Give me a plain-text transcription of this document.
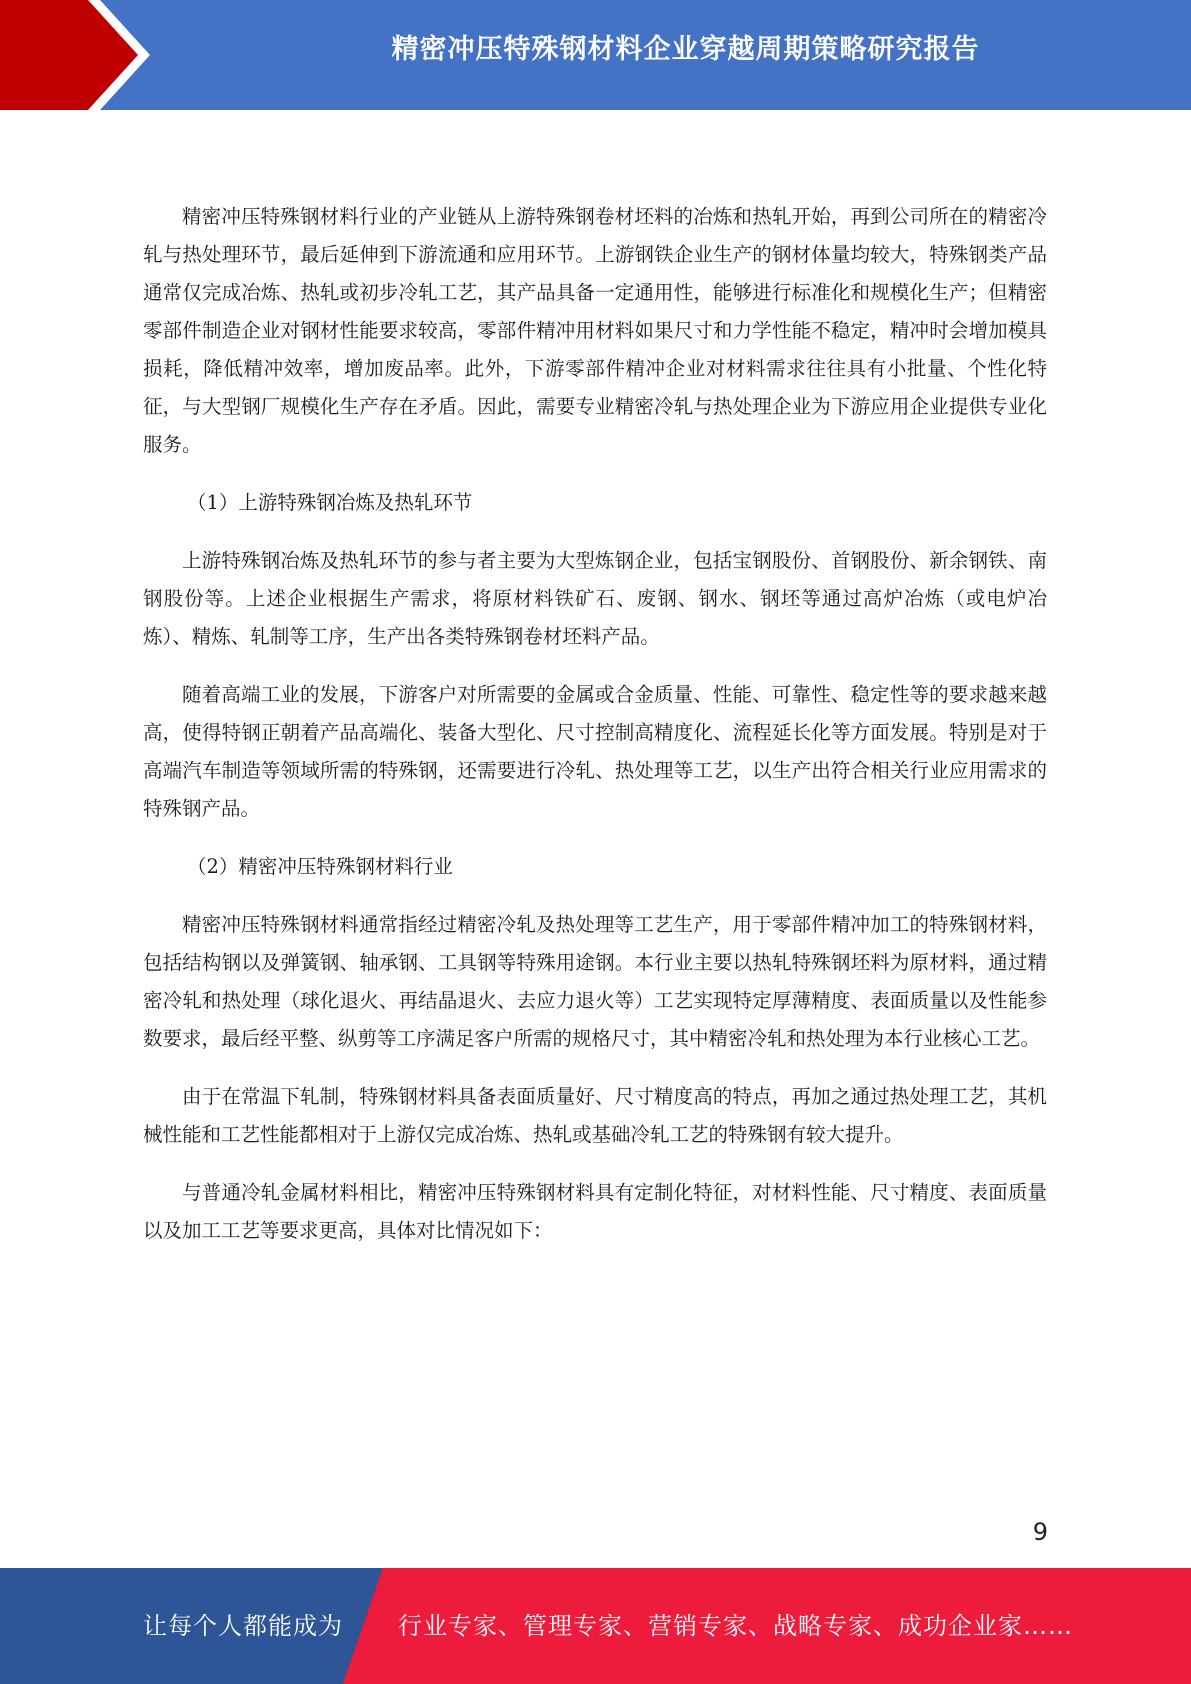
精密冲压特殊钢材料企业穿越周期策略研究报告

精密冲压特殊钢材料行业的产业链从上游特殊钢卷材坯料的冶炼和热轧开始，再到公司所在的精密冷轧与热处理环节，最后延伸到下游流通和应用环节。上游钢铁企业生产的钢材体量均较大，特殊钢类产品通常仅完成冶炼、热轧或初步冷轧工艺，其产品具备一定通用性，能够进行标准化和规模化生产；但精密零部件制造企业对钢材性能要求较高，零部件精冲用材料如果尺寸和力学性能不稳定，精冲时会增加模具损耗，降低精冲效率，增加废品率。此外，下游零部件精冲企业对材料需求往往具有小批量、个性化特征，与大型钢厂规模化生产存在矛盾。因此，需要专业精密冷轧与热处理企业为下游应用企业提供专业化服务。

（1）上游特殊钢冶炼及热轧环节

上游特殊钢冶炼及热轧环节的参与者主要为大型炼钢企业，包括宝钢股份、首钢股份、新余钢铁、南钢股份等。上述企业根据生产需求，将原材料铁矿石、废钢、钢水、钢坯等通过高炉冶炼（或电炉冶炼）、精炼、轧制等工序，生产出各类特殊钢卷材坯料产品。

随着高端工业的发展，下游客户对所需要的金属或合金质量、性能、可靠性、稳定性等的要求越来越高，使得特钢正朝着产品高端化、装备大型化、尺寸控制高精度化、流程延长化等方面发展。特别是对于高端汽车制造等领域所需的特殊钢，还需要进行冷轧、热处理等工艺，以生产出符合相关行业应用需求的特殊钢产品。

（2）精密冲压特殊钢材料行业

精密冲压特殊钢材料通常指经过精密冷轧及热处理等工艺生产，用于零部件精冲加工的特殊钢材料，包括结构钢以及弹簧钢、轴承钢、工具钢等特殊用途钢。本行业主要以热轧特殊钢坯料为原材料，通过精密冷轧和热处理（球化退火、再结晶退火、去应力退火等）工艺实现特定厚薄精度、表面质量以及性能参数要求，最后经平整、纵剪等工序满足客户所需的规格尺寸，其中精密冷轧和热处理为本行业核心工艺。

由于在常温下轧制，特殊钢材料具备表面质量好、尺寸精度高的特点，再加之通过热处理工艺，其机械性能和工艺性能都相对于上游仅完成冶炼、热轧或基础冷轧工艺的特殊钢有较大提升。

与普通冷轧金属材料相比，精密冲压特殊钢材料具有定制化特征，对材料性能、尺寸精度、表面质量以及加工工艺等要求更高，具体对比情况如下：

9
让每个人都能成为 行业专家、管理专家、营销专家、战略专家、成功企业家……
